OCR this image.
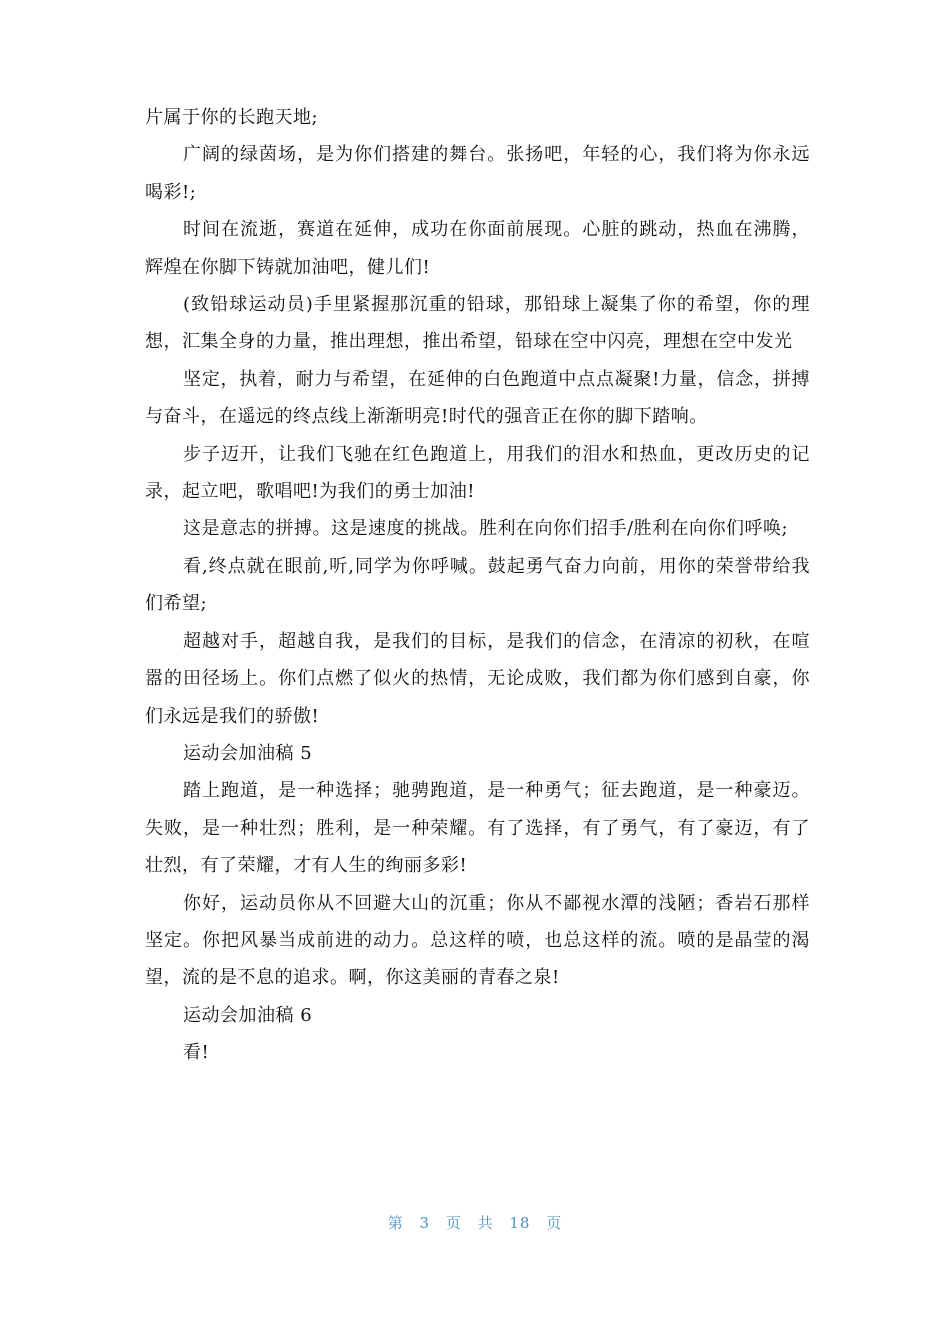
片属于你的长跑天地;

广阔的绿茵场，是为你们搭建的舞台。张扬吧，年轻的心，我们将为你永远喝彩!;

时间在流逝，赛道在延伸，成功在你面前展现。心脏的跳动，热血在沸腾，辉煌在你脚下铸就加油吧，健儿们!

(致铅球运动员)手里紧握那沉重的铅球，那铅球上凝集了你的希望，你的理想，汇集全身的力量，推出理想，推出希望，铅球在空中闪亮，理想在空中发光

坚定，执着，耐力与希望，在延伸的白色跑道中点点凝聚!力量，信念，拼搏与奋斗，在遥远的终点线上渐渐明亮!时代的强音正在你的脚下踏响。

步子迈开，让我们飞驰在红色跑道上，用我们的泪水和热血，更改历史的记录，起立吧，歌唱吧!为我们的勇士加油!

这是意志的拼搏。这是速度的挑战。胜利在向你们招手/胜利在向你们呼唤;

看,终点就在眼前,听,同学为你呼喊。鼓起勇气奋力向前，用你的荣誉带给我们希望;

超越对手，超越自我，是我们的目标，是我们的信念，在清凉的初秋，在喧嚣的田径场上。你们点燃了似火的热情，无论成败，我们都为你们感到自豪，你们永远是我们的骄傲!

运动会加油稿 5

踏上跑道，是一种选择；驰骋跑道，是一种勇气；征去跑道，是一种豪迈。失败，是一种壮烈；胜利，是一种荣耀。有了选择，有了勇气，有了豪迈，有了壮烈，有了荣耀，才有人生的绚丽多彩!

你好，运动员你从不回避大山的沉重；你从不鄙视水潭的浅陋；香岩石那样坚定。你把风暴当成前进的动力。总这样的喷，也总这样的流。喷的是晶莹的渴望，流的是不息的追求。啊，你这美丽的青春之泉!

运动会加油稿 6

看!

第 3 页 共 18 页
